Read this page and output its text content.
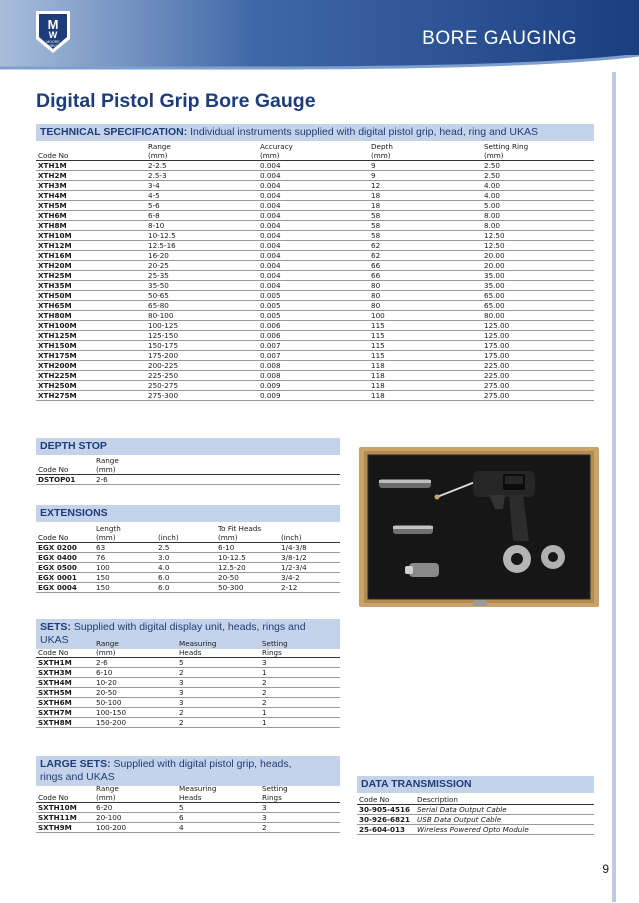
M
W
MOORE
& WRIGHT	BORE GAUGING
Digital Pistol Grip Bore Gauge
TECHNICAL SPECIFICATION: Individual instruments supplied with digital pistol grip, head, ring and UKAS
	Range	Accuracy	Depth	Setting Ring
Code No	(mm)	(mm)	(mm)	(mm)
XTH1M	2-2.5	0.004	9	2.50
XTH2M	2.5-3	0.004	9	2.50
XTH3M	3-4	0.004	12	4.00
XTH4M	4-5	0.004	18	4.00
XTH5M	5-6	0.004	18	5.00
XTH6M	6-8	0.004	58	8.00
XTH8M	8-10	0.004	58	8.00
XTH10M	10-12.5	0.004	58	12.50
XTH12M	12.5-16	0.004	62	12.50
XTH16M	16-20	0.004	62	20.00
XTH20M	20-25	0.004	66	20.00
XTH25M	25-35	0.004	66	35.00
XTH35M	35-50	0.004	80	35.00
XTH50M	50-65	0.005	80	65.00
XTH65M	65-80	0.005	80	65.00
XTH80M	80-100	0.005	100	80.00
XTH100M	100-125	0.006	115	125.00
XTH125M	125-150	0.006	115	125.00
XTH150M	150-175	0.007	115	175.00
XTH175M	175-200	0.007	115	175.00
XTH200M	200-225	0.008	118	225.00
XTH225M	225-250	0.008	118	225.00
XTH250M	250-275	0.009	118	275.00
XTH275M	275-300	0.009	118	275.00
DEPTH STOP
	Range
Code No	(mm)
DSTOP01	2-6
EXTENSIONS
	Length		To Fit Heads	
Code No	(mm)	(inch)	(mm)	(inch)
EGX 0200	63	2.5	6-10	1/4-3/8
EGX 0400	76	3.0	10-12.5	3/8-1/2
EGX 0500	100	4.0	12.5-20	1/2-3/4
EGX 0001	150	6.0	20-50	3/4-2
EGX 0004	150	6.0	50-300	2-12
SETS: Supplied with digital display unit, heads, rings and UKAS
		Range	Measuring	Setting
Code No	(mm)	Heads	Rings
SXTH1M	2-6	5	3
SXTH3M	6-10	2	1
SXTH4M	10-20	3	2
SXTH5M	20-50	3	2
SXTH6M	50-100	3	2
SXTH7M	100-150	2	1
SXTH8M	150-200	2	1
LARGE SETS: Supplied with digital pistol grip, heads,
rings and UKAS
	Range	Measuring	Setting
Code No	(mm)	Heads	Rings
SXTH10M	6-20	5	3
SXTH11M	20-100	6	3
SXTH9M	100-200	4	2
DATA TRANSMISSION
Code No	Description
30-905-4516	Serial Data Output Cable
30-926-6821	USB Data Output Cable
25-604-013	Wireless Powered Opto Module
9
